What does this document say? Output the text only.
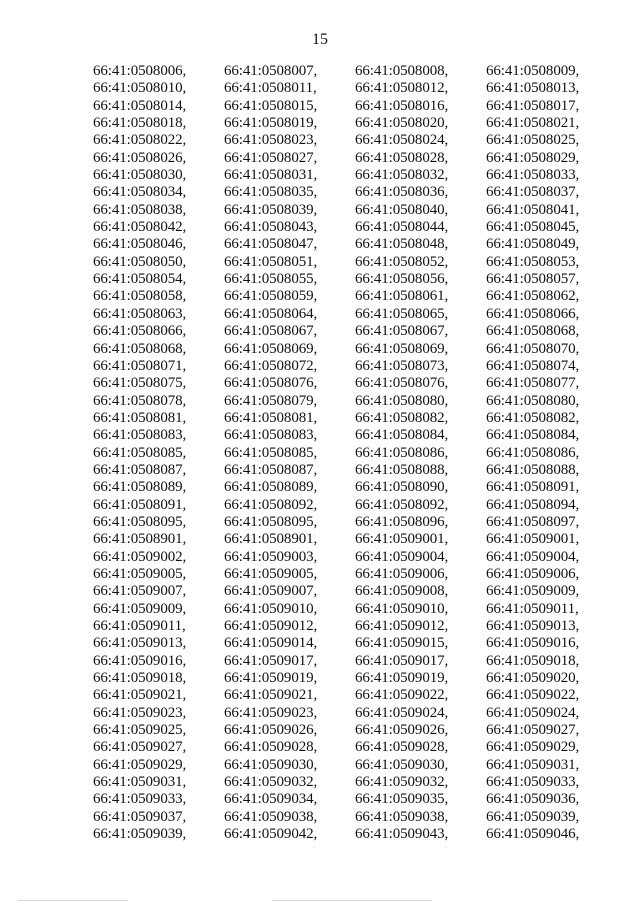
15
66:41:0508006,	66:41:0508007,	66:41:0508008,	66:41:0508009,
66:41:0508010,	66:41:0508011,	66:41:0508012,	66:41:0508013,
66:41:0508014,	66:41:0508015,	66:41:0508016,	66:41:0508017,
66:41:0508018,	66:41:0508019,	66:41:0508020,	66:41:0508021,
66:41:0508022,	66:41:0508023,	66:41:0508024,	66:41:0508025,
66:41:0508026,	66:41:0508027,	66:41:0508028,	66:41:0508029,
66:41:0508030,	66:41:0508031,	66:41:0508032,	66:41:0508033,
66:41:0508034,	66:41:0508035,	66:41:0508036,	66:41:0508037,
66:41:0508038,	66:41:0508039,	66:41:0508040,	66:41:0508041,
66:41:0508042,	66:41:0508043,	66:41:0508044,	66:41:0508045,
66:41:0508046,	66:41:0508047,	66:41:0508048,	66:41:0508049,
66:41:0508050,	66:41:0508051,	66:41:0508052,	66:41:0508053,
66:41:0508054,	66:41:0508055,	66:41:0508056,	66:41:0508057,
66:41:0508058,	66:41:0508059,	66:41:0508061,	66:41:0508062,
66:41:0508063,	66:41:0508064,	66:41:0508065,	66:41:0508066,
66:41:0508066,	66:41:0508067,	66:41:0508067,	66:41:0508068,
66:41:0508068,	66:41:0508069,	66:41:0508069,	66:41:0508070,
66:41:0508071,	66:41:0508072,	66:41:0508073,	66:41:0508074,
66:41:0508075,	66:41:0508076,	66:41:0508076,	66:41:0508077,
66:41:0508078,	66:41:0508079,	66:41:0508080,	66:41:0508080,
66:41:0508081,	66:41:0508081,	66:41:0508082,	66:41:0508082,
66:41:0508083,	66:41:0508083,	66:41:0508084,	66:41:0508084,
66:41:0508085,	66:41:0508085,	66:41:0508086,	66:41:0508086,
66:41:0508087,	66:41:0508087,	66:41:0508088,	66:41:0508088,
66:41:0508089,	66:41:0508089,	66:41:0508090,	66:41:0508091,
66:41:0508091,	66:41:0508092,	66:41:0508092,	66:41:0508094,
66:41:0508095,	66:41:0508095,	66:41:0508096,	66:41:0508097,
66:41:0508901,	66:41:0508901,	66:41:0509001,	66:41:0509001,
66:41:0509002,	66:41:0509003,	66:41:0509004,	66:41:0509004,
66:41:0509005,	66:41:0509005,	66:41:0509006,	66:41:0509006,
66:41:0509007,	66:41:0509007,	66:41:0509008,	66:41:0509009,
66:41:0509009,	66:41:0509010,	66:41:0509010,	66:41:0509011,
66:41:0509011,	66:41:0509012,	66:41:0509012,	66:41:0509013,
66:41:0509013,	66:41:0509014,	66:41:0509015,	66:41:0509016,
66:41:0509016,	66:41:0509017,	66:41:0509017,	66:41:0509018,
66:41:0509018,	66:41:0509019,	66:41:0509019,	66:41:0509020,
66:41:0509021,	66:41:0509021,	66:41:0509022,	66:41:0509022,
66:41:0509023,	66:41:0509023,	66:41:0509024,	66:41:0509024,
66:41:0509025,	66:41:0509026,	66:41:0509026,	66:41:0509027,
66:41:0509027,	66:41:0509028,	66:41:0509028,	66:41:0509029,
66:41:0509029,	66:41:0509030,	66:41:0509030,	66:41:0509031,
66:41:0509031,	66:41:0509032,	66:41:0509032,	66:41:0509033,
66:41:0509033,	66:41:0509034,	66:41:0509035,	66:41:0509036,
66:41:0509037,	66:41:0509038,	66:41:0509038,	66:41:0509039,
66:41:0509039,	66:41:0509042,	66:41:0509043,	66:41:0509046,
